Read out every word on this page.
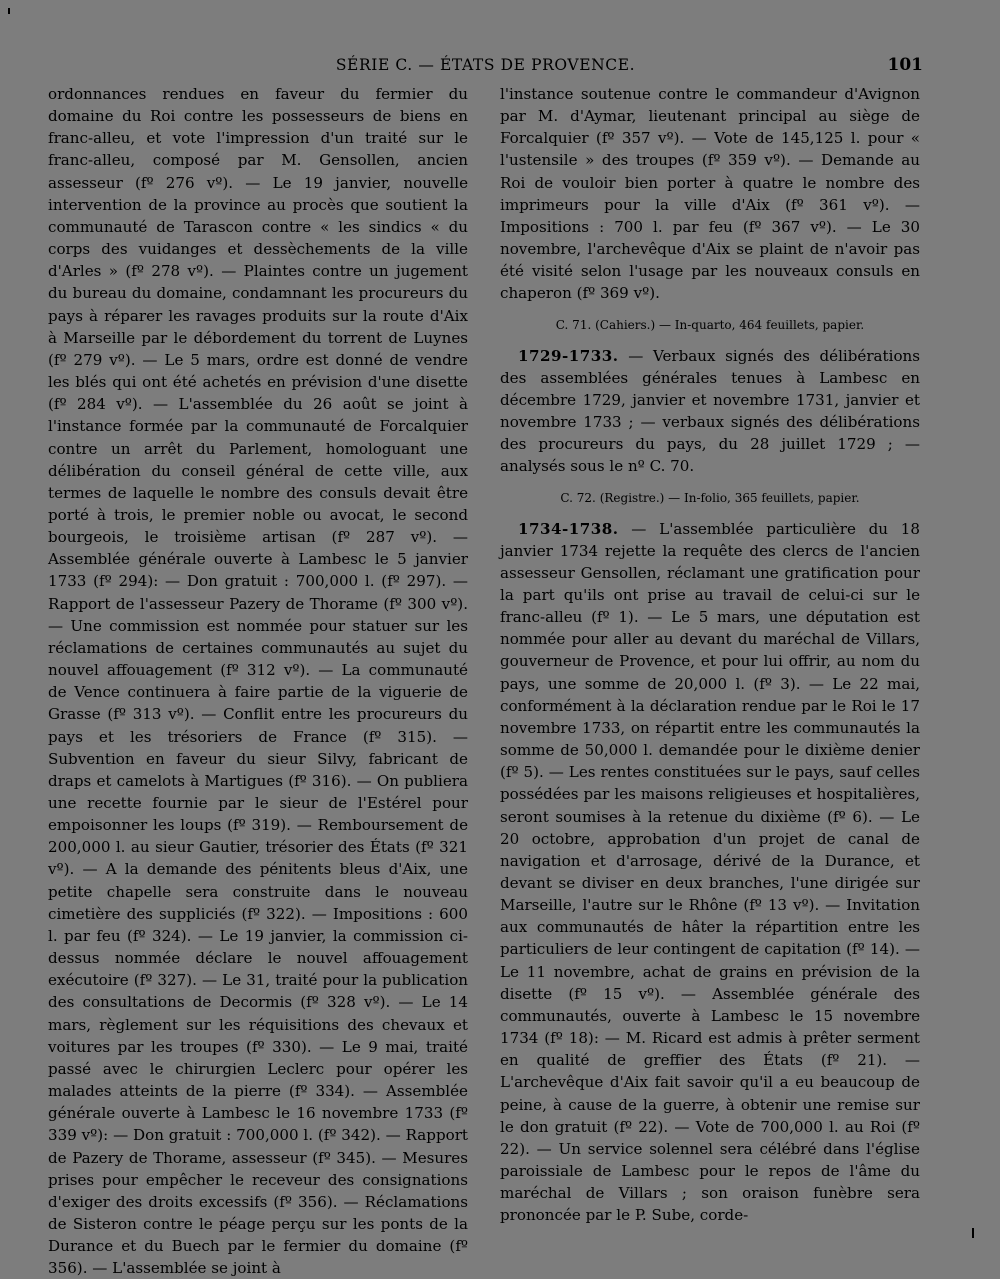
SÉRIE C. — ÉTATS DE PROVENCE.	101

ordonnances rendues en faveur du fermier du domaine du Roi contre les possesseurs de biens en franc-alleu, et vote l'impression d'un traité sur le franc-alleu, composé par M. Gensollen, ancien assesseur (fº 276 vº). — Le 19 janvier, nouvelle intervention de la province au procès que soutient la communauté de Tarascon contre « les sindics « du corps des vuidanges et dessèchements de la ville d'Arles » (fº 278 vº). — Plaintes contre un jugement du bureau du domaine, condamnant les procureurs du pays à réparer les ravages produits sur la route d'Aix à Marseille par le débordement du torrent de Luynes (fº 279 vº). — Le 5 mars, ordre est donné de vendre les blés qui ont été achetés en prévision d'une disette (fº 284 vº). — L'assemblée du 26 août se joint à l'instance formée par la communauté de Forcalquier contre un arrêt du Parlement, homologuant une délibération du conseil général de cette ville, aux termes de laquelle le nombre des consuls devait être porté à trois, le premier noble ou avocat, le second bourgeois, le troisième artisan (fº 287 vº). — Assemblée générale ouverte à Lambesc le 5 janvier 1733 (fº 294): — Don gratuit : 700,000 l. (fº 297). — Rapport de l'assesseur Pazery de Thorame (fº 300 vº). — Une commission est nommée pour statuer sur les réclamations de certaines communautés au sujet du nouvel affouagement (fº 312 vº). — La communauté de Vence continuera à faire partie de la viguerie de Grasse (fº 313 vº). — Conflit entre les procureurs du pays et les trésoriers de France (fº 315). — Subvention en faveur du sieur Silvy, fabricant de draps et camelots à Martigues (fº 316). — On publiera une recette fournie par le sieur de l'Estérel pour empoisonner les loups (fº 319). — Remboursement de 200,000 l. au sieur Gautier, trésorier des États (fº 321 vº). — A la demande des pénitents bleus d'Aix, une petite chapelle sera construite dans le nouveau cimetière des suppliciés (fº 322). — Impositions : 600 l. par feu (fº 324). — Le 19 janvier, la commission ci-dessus nommée déclare le nouvel affouagement exécutoire (fº 327). — Le 31, traité pour la publication des consultations de Decormis (fº 328 vº). — Le 14 mars, règlement sur les réquisitions des chevaux et voitures par les troupes (fº 330). — Le 9 mai, traité passé avec le chirurgien Leclerc pour opérer les malades atteints de la pierre (fº 334). — Assemblée générale ouverte à Lambesc le 16 novembre 1733 (fº 339 vº): — Don gratuit : 700,000 l. (fº 342). — Rapport de Pazery de Thorame, assesseur (fº 345). — Mesures prises pour empêcher le receveur des consignations d'exiger des droits excessifs (fº 356). — Réclamations de Sisteron contre le péage perçu sur les ponts de la Durance et du Buech par le fermier du domaine (fº 356). — L'assemblée se joint à

l'instance soutenue contre le commandeur d'Avignon par M. d'Aymar, lieutenant principal au siège de Forcalquier (fº 357 vº). — Vote de 145,125 l. pour « l'ustensile » des troupes (fº 359 vº). — Demande au Roi de vouloir bien porter à quatre le nombre des imprimeurs pour la ville d'Aix (fº 361 vº). — Impositions : 700 l. par feu (fº 367 vº). — Le 30 novembre, l'archevêque d'Aix se plaint de n'avoir pas été visité selon l'usage par les nouveaux consuls en chaperon (fº 369 vº).

C. 71. (Cahiers.) — In-quarto, 464 feuillets, papier.

1729-1733. — Verbaux signés des délibérations des assemblées générales tenues à Lambesc en décembre 1729, janvier et novembre 1731, janvier et novembre 1733 ; — verbaux signés des délibérations des procureurs du pays, du 28 juillet 1729 ; — analysés sous le nº C. 70.

C. 72. (Registre.) — In-folio, 365 feuillets, papier.

1734-1738. — L'assemblée particulière du 18 janvier 1734 rejette la requête des clercs de l'ancien assesseur Gensollen, réclamant une gratification pour la part qu'ils ont prise au travail de celui-ci sur le franc-alleu (fº 1). — Le 5 mars, une députation est nommée pour aller au devant du maréchal de Villars, gouverneur de Provence, et pour lui offrir, au nom du pays, une somme de 20,000 l. (fº 3). — Le 22 mai, conformément à la déclaration rendue par le Roi le 17 novembre 1733, on répartit entre les communautés la somme de 50,000 l. demandée pour le dixième denier (fº 5). — Les rentes constituées sur le pays, sauf celles possédées par les maisons religieuses et hospitalières, seront soumises à la retenue du dixième (fº 6). — Le 20 octobre, approbation d'un projet de canal de navigation et d'arrosage, dérivé de la Durance, et devant se diviser en deux branches, l'une dirigée sur Marseille, l'autre sur le Rhône (fº 13 vº). — Invitation aux communautés de hâter la répartition entre les particuliers de leur contingent de capitation (fº 14). — Le 11 novembre, achat de grains en prévision de la disette (fº 15 vº). — Assemblée générale des communautés, ouverte à Lambesc le 15 novembre 1734 (fº 18): — M. Ricard est admis à prêter serment en qualité de greffier des États (fº 21). — L'archevêque d'Aix fait savoir qu'il a eu beaucoup de peine, à cause de la guerre, à obtenir une remise sur le don gratuit (fº 22). — Vote de 700,000 l. au Roi (fº 22). — Un service solennel sera célébré dans l'église paroissiale de Lambesc pour le repos de l'âme du maréchal de Villars ; son oraison funèbre sera prononcée par le P. Sube, corde-
